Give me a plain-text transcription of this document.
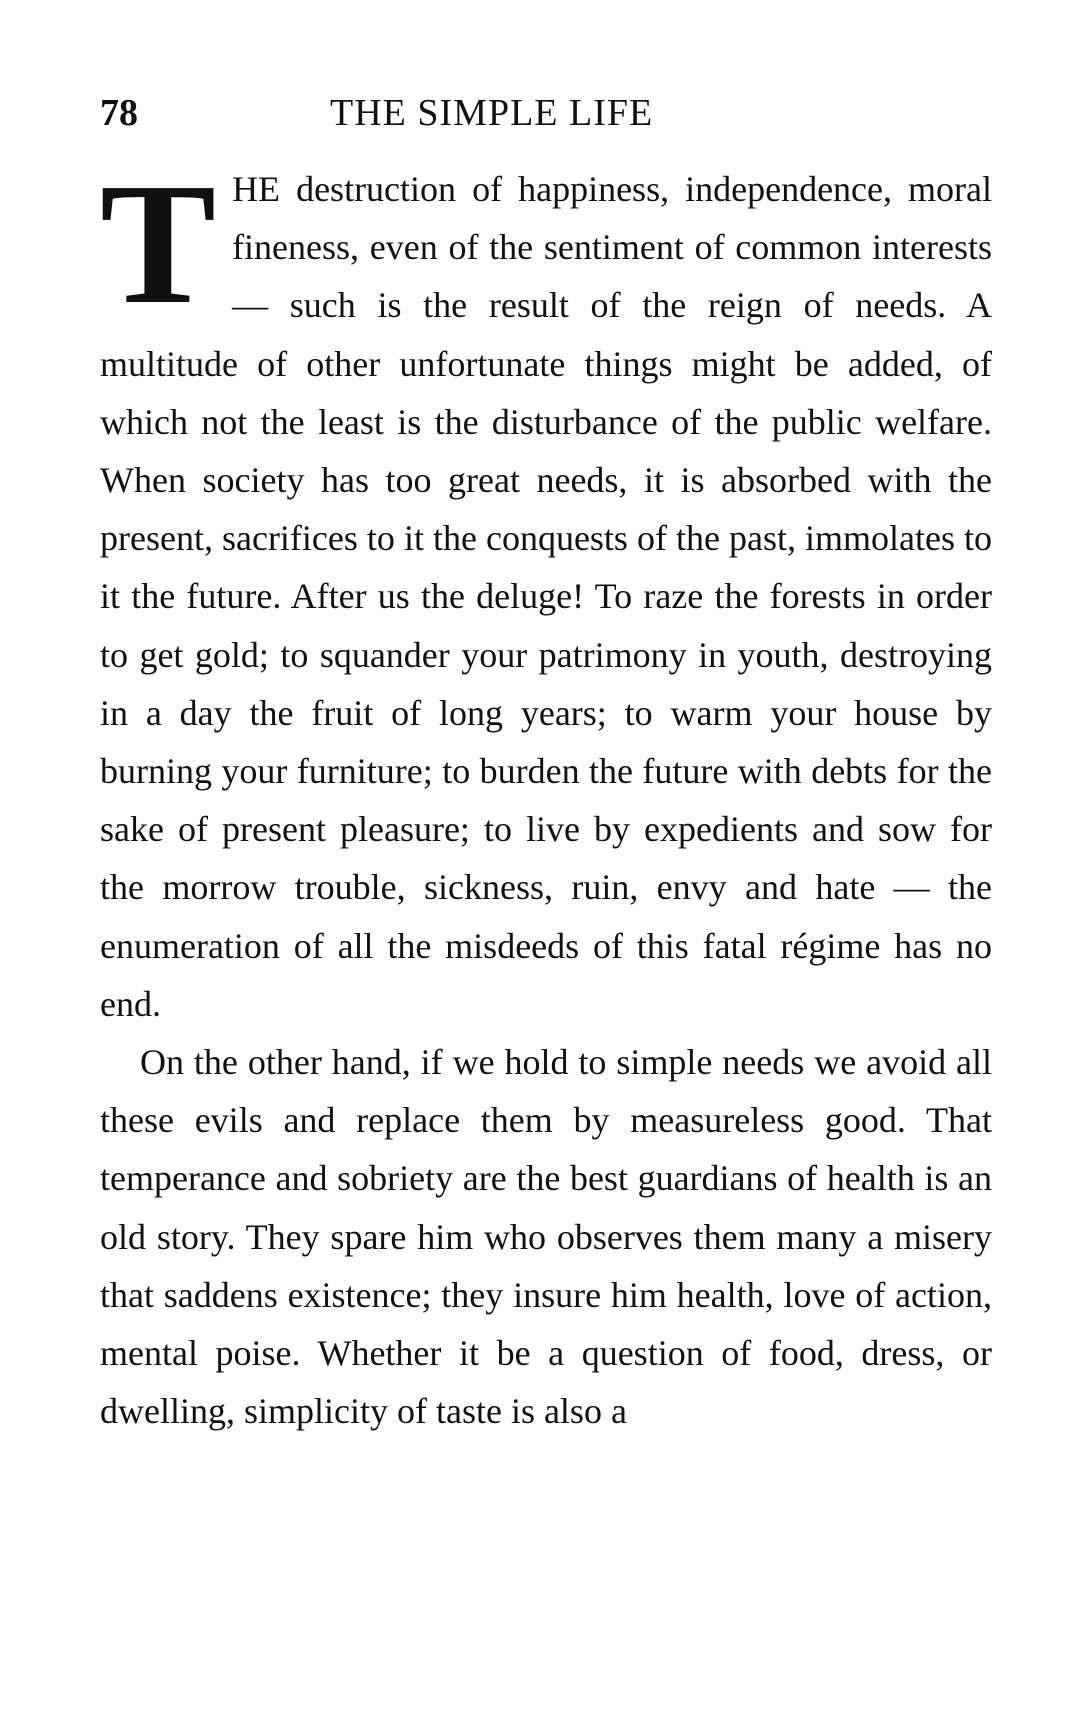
78	THE SIMPLE LIFE

THE destruction of happiness, independence, moral fineness, even of the sentiment of common interests — such is the result of the reign of needs. A multitude of other unfortunate things might be added, of which not the least is the disturbance of the public welfare. When society has too great needs, it is absorbed with the present, sacrifices to it the conquests of the past, immolates to it the future. After us the deluge! To raze the forests in order to get gold; to squander your patrimony in youth, destroying in a day the fruit of long years; to warm your house by burning your furniture; to burden the future with debts for the sake of present pleasure; to live by expedients and sow for the morrow trouble, sickness, ruin, envy and hate — the enumeration of all the misdeeds of this fatal régime has no end.

On the other hand, if we hold to simple needs we avoid all these evils and replace them by measureless good. That temperance and sobriety are the best guardians of health is an old story. They spare him who observes them many a misery that saddens existence; they insure him health, love of action, mental poise. Whether it be a question of food, dress, or dwelling, simplicity of taste is also a
